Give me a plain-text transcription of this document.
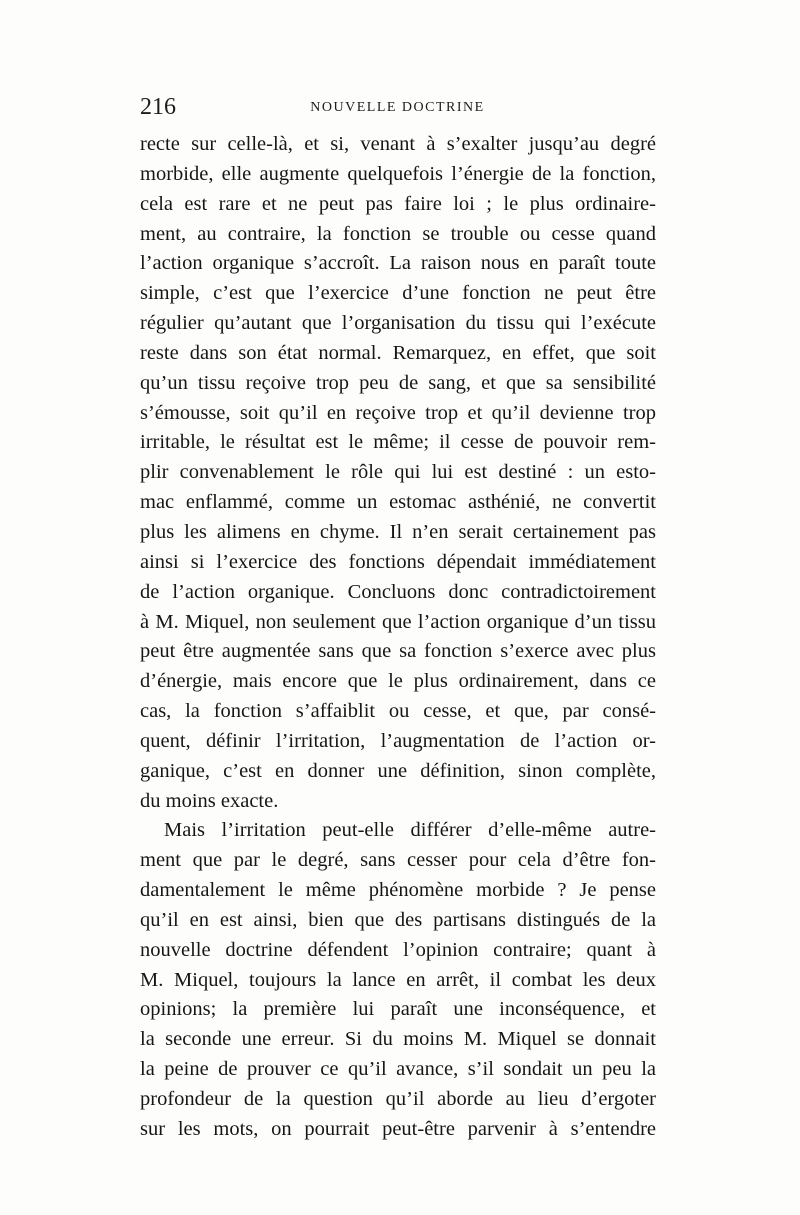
216	NOUVELLE DOCTRINE
recte sur celle-là, et si, venant à s’exalter jusqu’au degré
morbide, elle augmente quelquefois l’énergie de la fonction,
cela est rare et ne peut pas faire loi ; le plus ordinaire-
ment, au contraire, la fonction se trouble ou cesse quand
l’action organique s’accroît. La raison nous en paraît toute
simple, c’est que l’exercice d’une fonction ne peut être
régulier qu’autant que l’organisation du tissu qui l’exécute
reste dans son état normal. Remarquez, en effet, que soit
qu’un tissu reçoive trop peu de sang, et que sa sensibilité
s’émousse, soit qu’il en reçoive trop et qu’il devienne trop
irritable, le résultat est le même; il cesse de pouvoir rem-
plir convenablement le rôle qui lui est destiné : un esto-
mac enflammé, comme un estomac asthénié, ne convertit
plus les alimens en chyme. Il n’en serait certainement pas
ainsi si l’exercice des fonctions dépendait immédiatement
de l’action organique. Concluons donc contradictoirement
à M. Miquel, non seulement que l’action organique d’un tissu
peut être augmentée sans que sa fonction s’exerce avec plus
d’énergie, mais encore que le plus ordinairement, dans ce
cas, la fonction s’affaiblit ou cesse, et que, par consé-
quent, définir l’irritation, l’augmentation de l’action or-
ganique, c’est en donner une définition, sinon complète,
du moins exacte.
Mais l’irritation peut-elle différer d’elle-même autre-
ment que par le degré, sans cesser pour cela d’être fon-
damentalement le même phénomène morbide ? Je pense
qu’il en est ainsi, bien que des partisans distingués de la
nouvelle doctrine défendent l’opinion contraire; quant à
M. Miquel, toujours la lance en arrêt, il combat les deux
opinions; la première lui paraît une inconséquence, et
la seconde une erreur. Si du moins M. Miquel se donnait
la peine de prouver ce qu’il avance, s’il sondait un peu la
profondeur de la question qu’il aborde au lieu d’ergoter
sur les mots, on pourrait peut-être parvenir à s’entendre
